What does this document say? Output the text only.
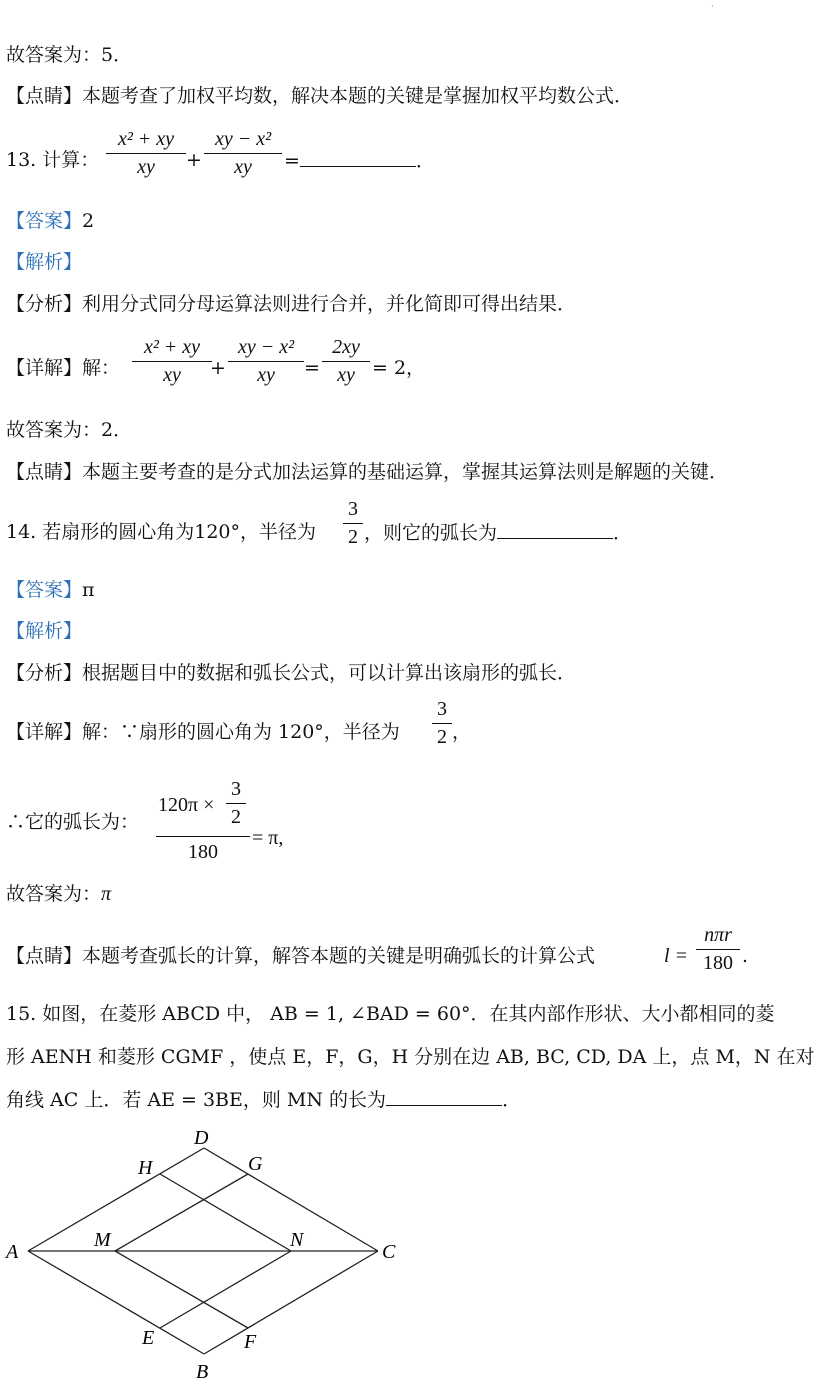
·
故答案为：5．
【点睛】本题考查了加权平均数，解决本题的关键是掌握加权平均数公式．
13. 计算：
x² + xy
xy	+
xy − x²
xy	=	．
【答案】2
【解析】
【分析】利用分式同分母运算法则进行合并，并化简即可得出结果．
【详解】解：
x² + xy
xy	+
xy − x²
xy	=
2xy
xy = 2，
故答案为：2．
【点睛】本题主要考查的是分式加法运算的基础运算，掌握其运算法则是解题的关键．
14. 若扇形的圆心角为120°，半径为
3
2 ，则它的弧长为	．
【答案】π
【解析】
【分析】根据题目中的数据和弧长公式，可以计算出该扇形的弧长．
【详解】解：∵扇形的圆心角为 120°，半径为
3
2 ，
∴它的弧长为：
120π ×
3
2
180
= π,
故答案为：π
【点睛】本题考查弧长的计算，解答本题的关键是明确弧长的计算公式	l =
nπr
180 .
15. 如图，在菱形 ABCD 中， AB = 1, ∠BAD = 60°．在其内部作形状、大小都相同的菱
形 AENH 和菱形 CGMF ，使点 E，F，G，H 分别在边 AB, BC, CD, DA 上，点 M，N 在对
角线 AC 上．若 AE = 3BE，则 MN 的长为	．
A
B
C
D
E	F
G
H
M	N
